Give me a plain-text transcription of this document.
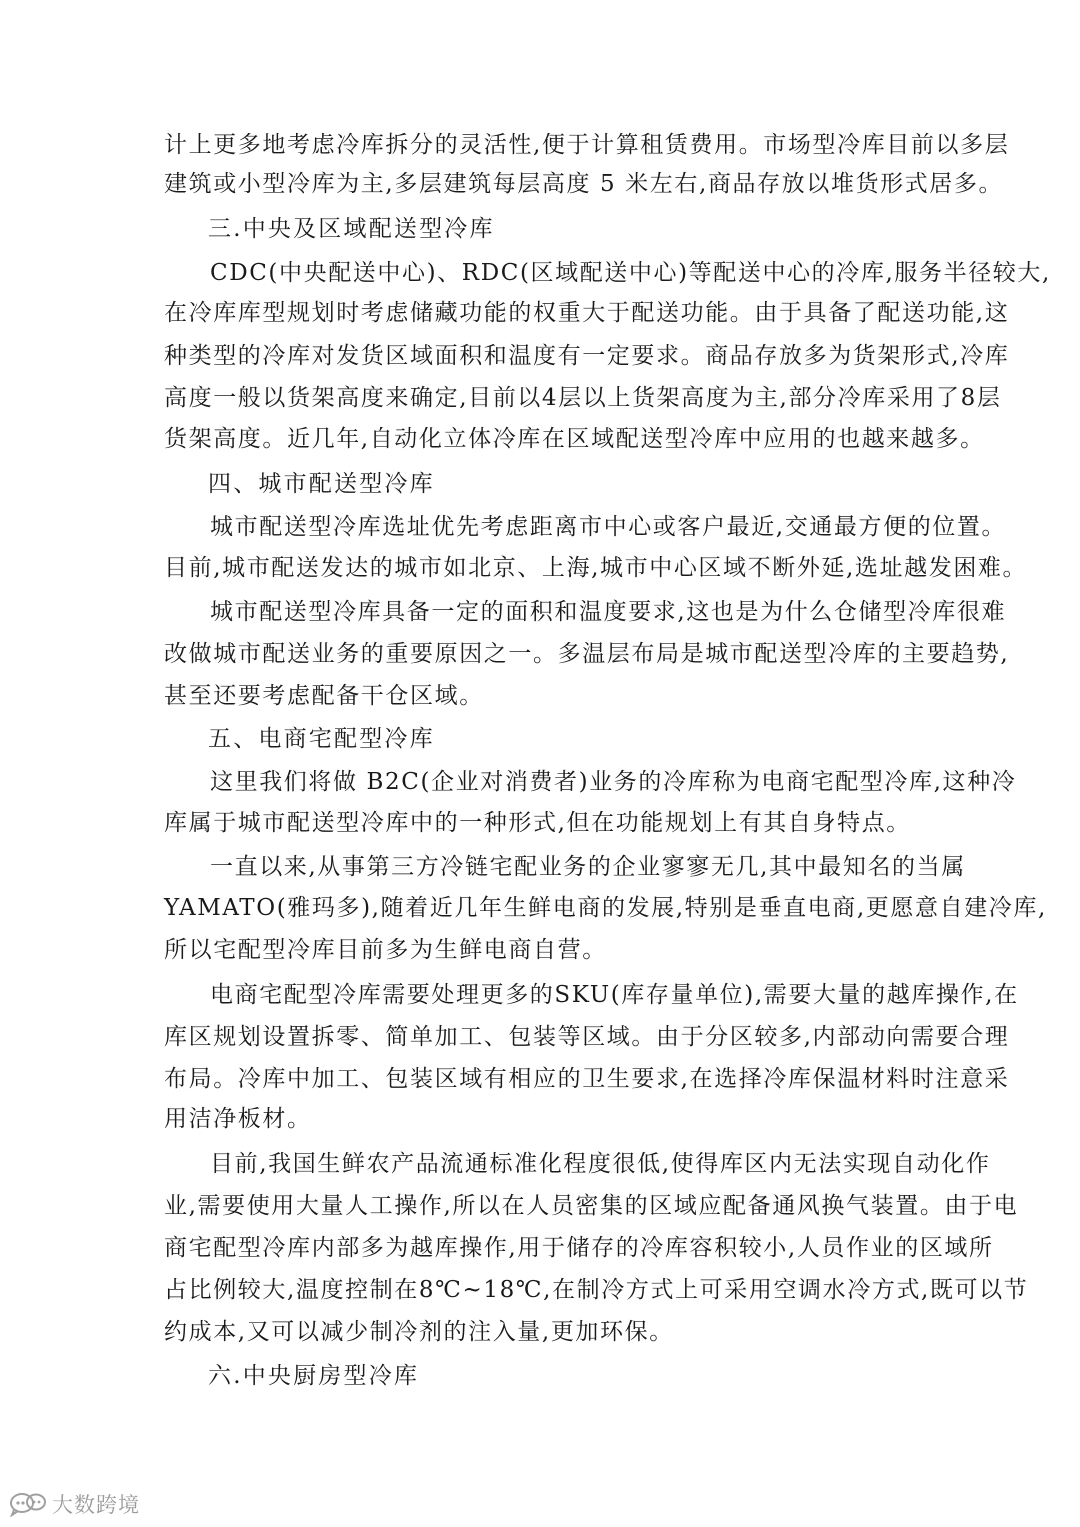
计上更多地考虑冷库拆分的灵活性,便于计算租赁费用。市场型冷库目前以多层
建筑或小型冷库为主,多层建筑每层高度 5 米左右,商品存放以堆货形式居多。
三.中央及区域配送型冷库
CDC(中央配送中心)、RDC(区域配送中心)等配送中心的冷库,服务半径较大,
在冷库库型规划时考虑储藏功能的权重大于配送功能。由于具备了配送功能,这
种类型的冷库对发货区域面积和温度有一定要求。商品存放多为货架形式,冷库
高度一般以货架高度来确定,目前以4层以上货架高度为主,部分冷库采用了8层
货架高度。近几年,自动化立体冷库在区域配送型冷库中应用的也越来越多。
四、城市配送型冷库
城市配送型冷库选址优先考虑距离市中心或客户最近,交通最方便的位置。
目前,城市配送发达的城市如北京、上海,城市中心区域不断外延,选址越发困难。
城市配送型冷库具备一定的面积和温度要求,这也是为什么仓储型冷库很难
改做城市配送业务的重要原因之一。多温层布局是城市配送型冷库的主要趋势,
甚至还要考虑配备干仓区域。
五、电商宅配型冷库
这里我们将做 B2C(企业对消费者)业务的冷库称为电商宅配型冷库,这种冷
库属于城市配送型冷库中的一种形式,但在功能规划上有其自身特点。
一直以来,从事第三方冷链宅配业务的企业寥寥无几,其中最知名的当属
YAMATO(雅玛多),随着近几年生鲜电商的发展,特别是垂直电商,更愿意自建冷库,
所以宅配型冷库目前多为生鲜电商自营。
电商宅配型冷库需要处理更多的SKU(库存量单位),需要大量的越库操作,在
库区规划设置拆零、简单加工、包装等区域。由于分区较多,内部动向需要合理
布局。冷库中加工、包装区域有相应的卫生要求,在选择冷库保温材料时注意采
用洁净板材。
目前,我国生鲜农产品流通标准化程度很低,使得库区内无法实现自动化作
业,需要使用大量人工操作,所以在人员密集的区域应配备通风换气装置。由于电
商宅配型冷库内部多为越库操作,用于储存的冷库容积较小,人员作业的区域所
占比例较大,温度控制在8℃~18℃,在制冷方式上可采用空调水冷方式,既可以节
约成本,又可以减少制冷剂的注入量,更加环保。
六.中央厨房型冷库
大数跨境
